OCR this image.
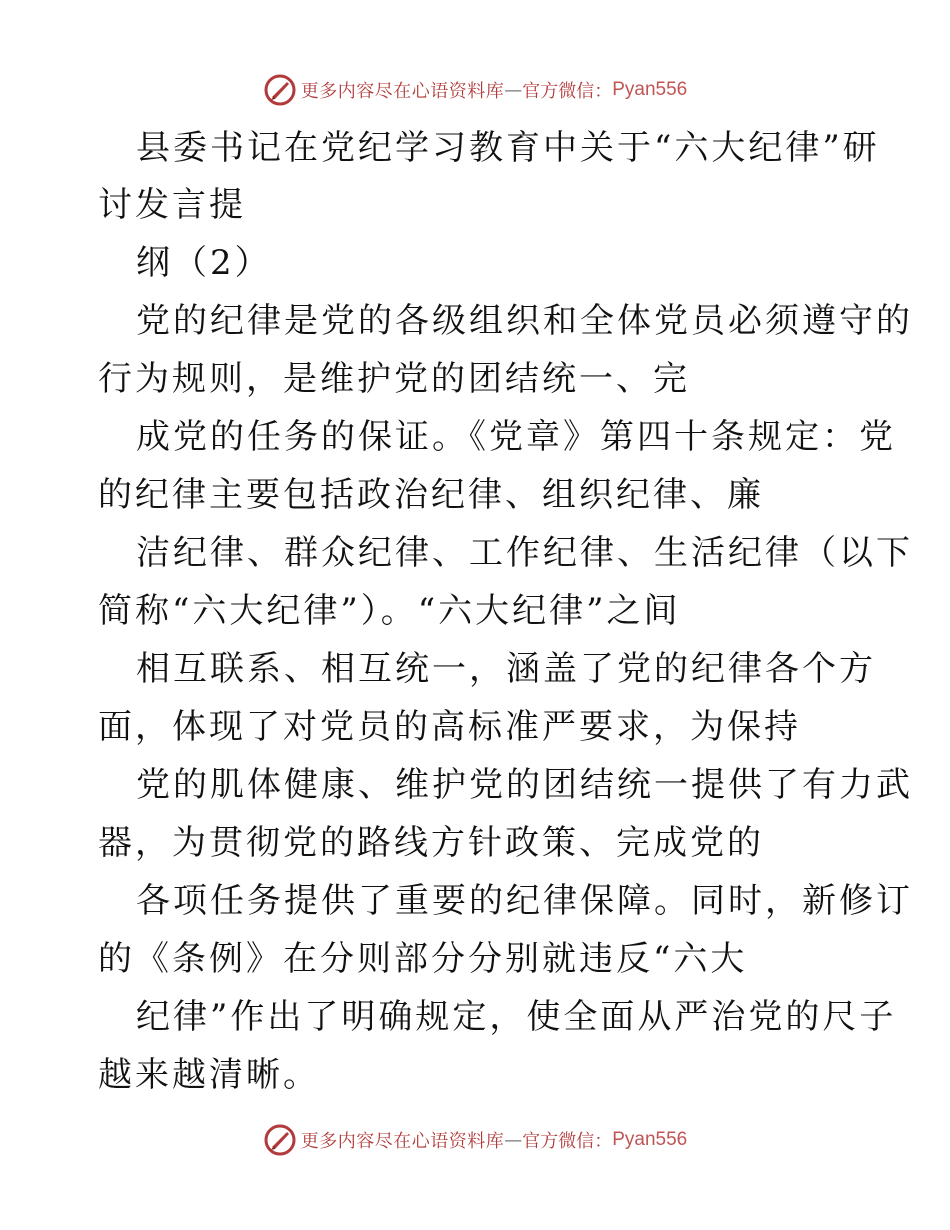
更多内容尽在心语资料库 — 官方微信： Pyan556
县委书记在党纪学习教育中关于“六大纪律”研
讨发言提
纲（2）
党的纪律是党的各级组织和全体党员必须遵守的
行为规则，是维护党的团结统一、完
成党的任务的保证。《党章》第四十条规定：党
的纪律主要包括政治纪律、组织纪律、廉
洁纪律、群众纪律、工作纪律、生活纪律（以下
简称“六大纪律”）。“六大纪律”之间
相互联系、相互统一，涵盖了党的纪律各个方
面，体现了对党员的高标准严要求，为保持
党的肌体健康、维护党的团结统一提供了有力武
器，为贯彻党的路线方针政策、完成党的
各项任务提供了重要的纪律保障。同时，新修订
的《条例》在分则部分分别就违反“六大
纪律”作出了明确规定，使全面从严治党的尺子
越来越清晰。
更多内容尽在心语资料库 — 官方微信： Pyan556
